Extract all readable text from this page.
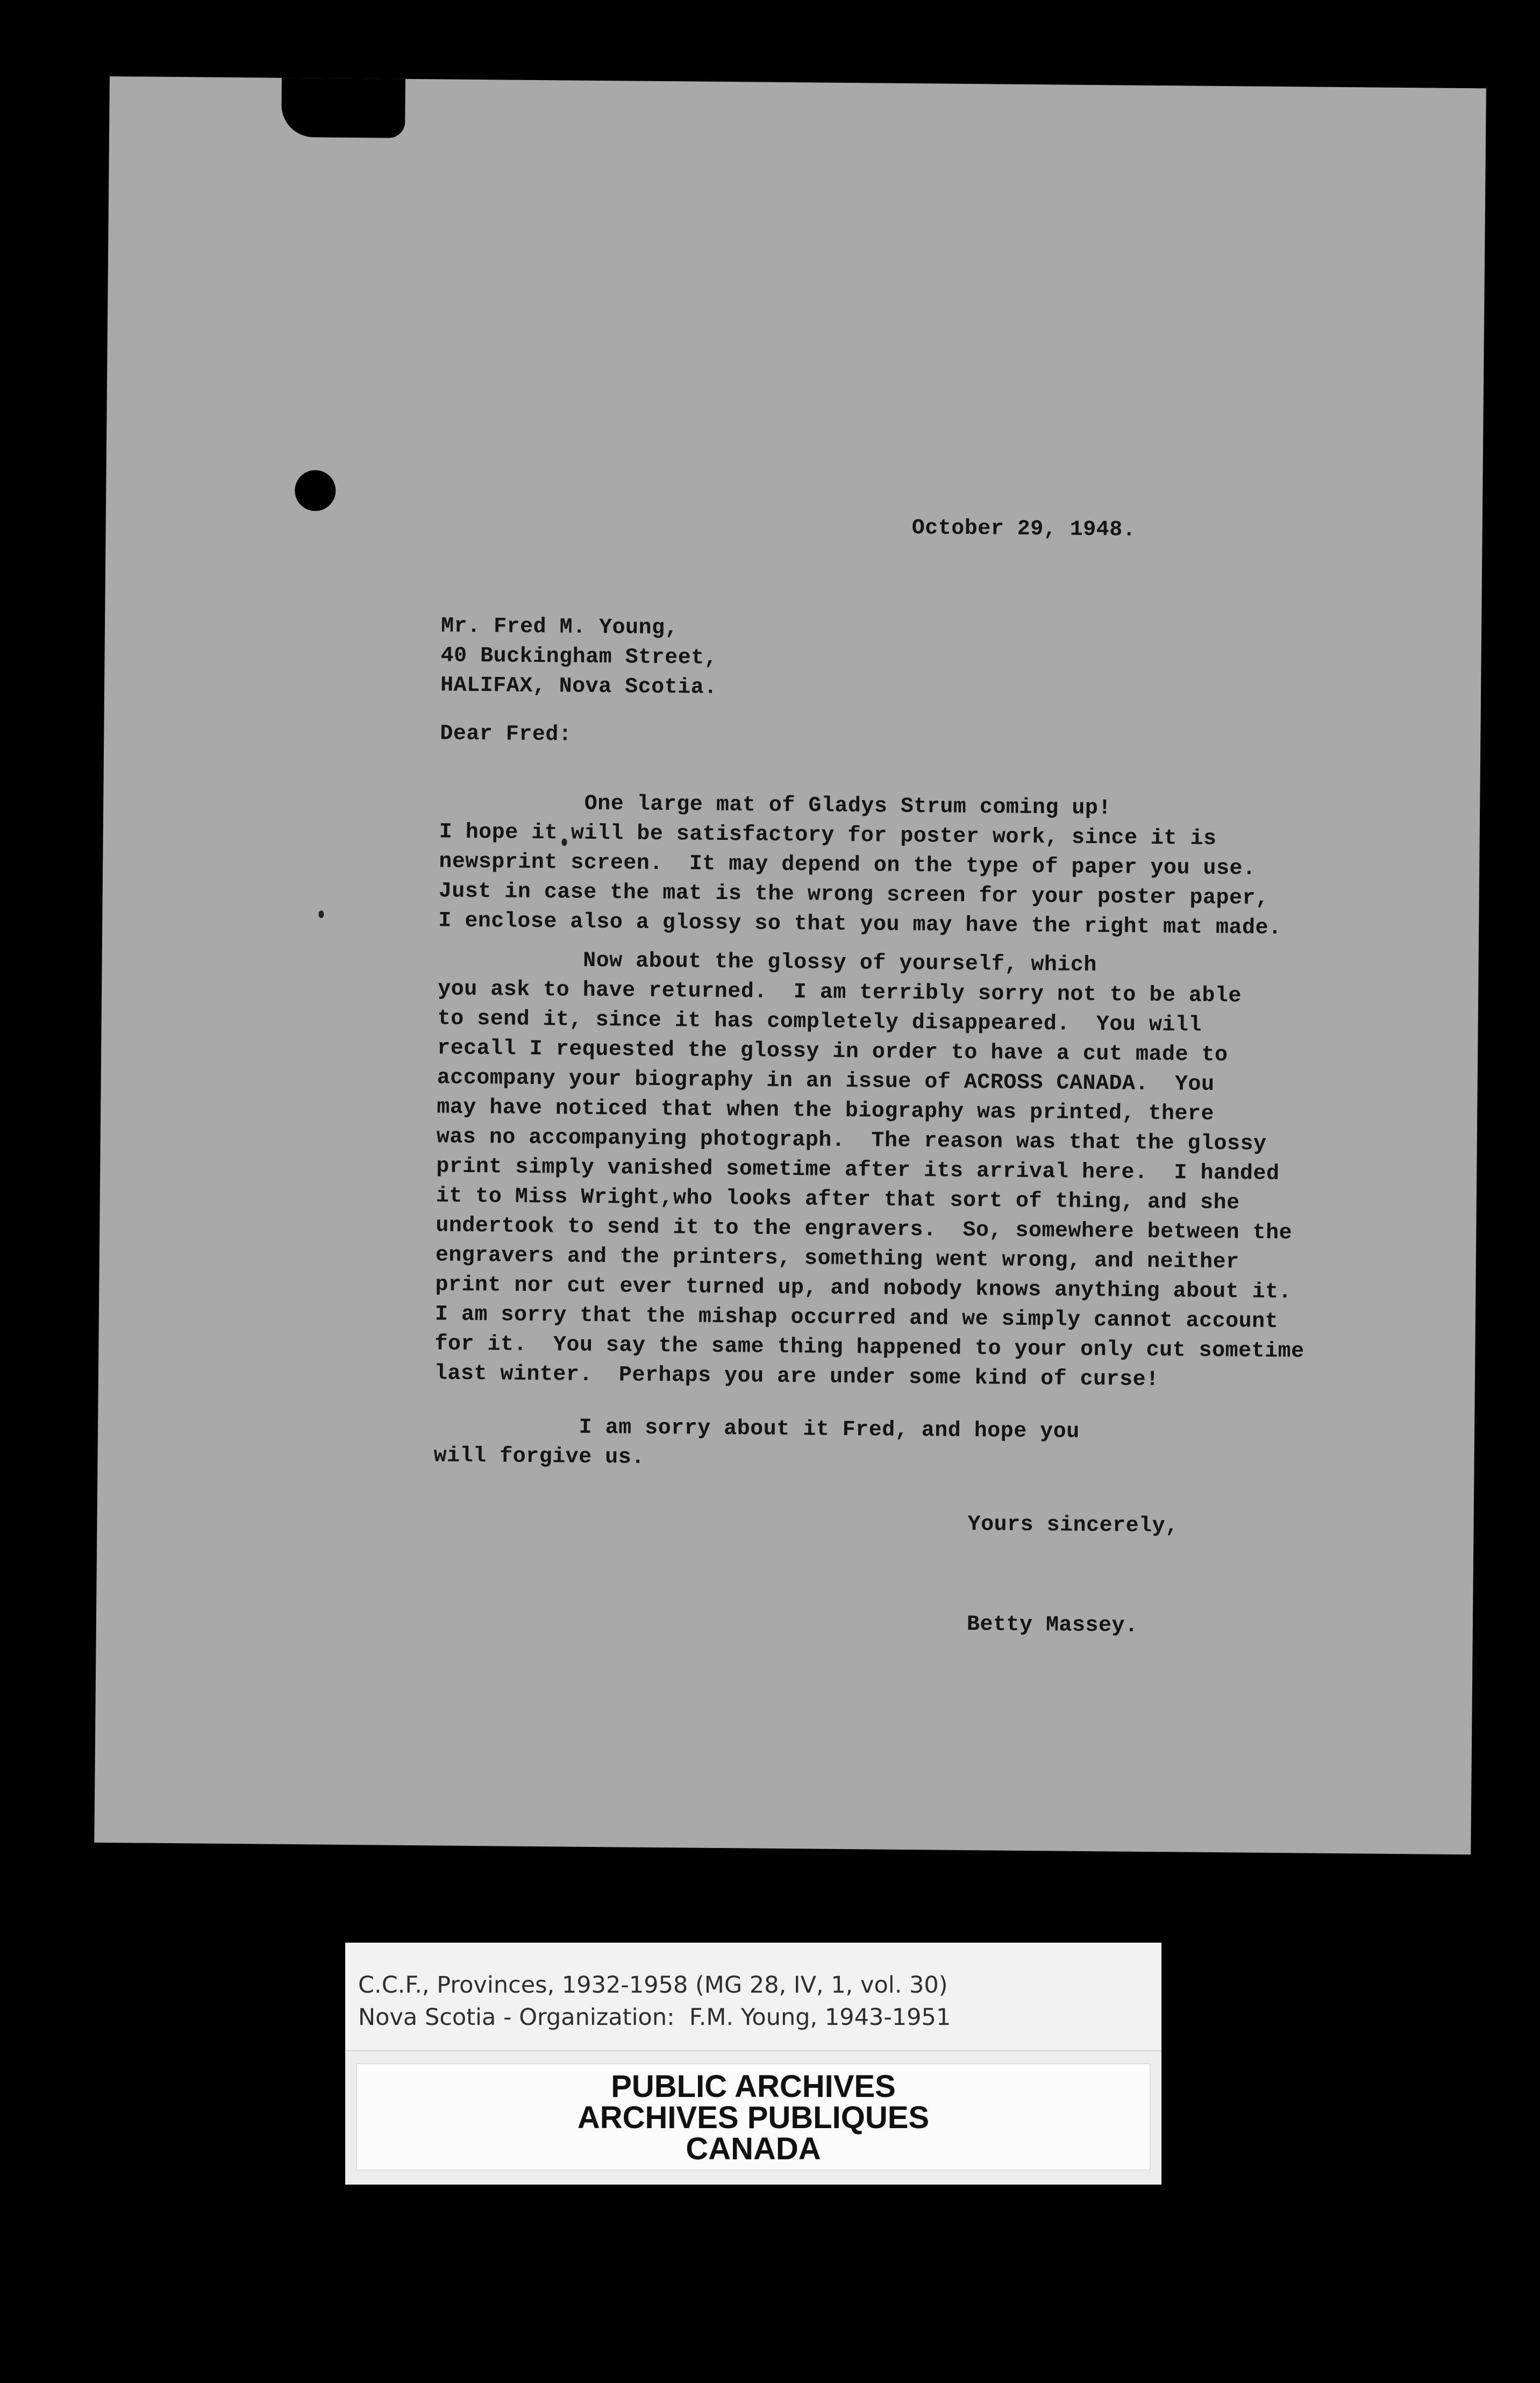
October 29, 1948.
Mr. Fred M. Young,
40 Buckingham Street,
HALIFAX, Nova Scotia.
Dear Fred:
One large mat of Gladys Strum coming up!
I hope it will be satisfactory for poster work, since it is
newsprint screen.  It may depend on the type of paper you use.
Just in case the mat is the wrong screen for your poster paper,
I enclose also a glossy so that you may have the right mat made.
Now about the glossy of yourself, which
you ask to have returned.  I am terribly sorry not to be able
to send it, since it has completely disappeared.  You will
recall I requested the glossy in order to have a cut made to
accompany your biography in an issue of ACROSS CANADA.  You
may have noticed that when the biography was printed, there
was no accompanying photograph.  The reason was that the glossy
print simply vanished sometime after its arrival here.  I handed
it to Miss Wright,who looks after that sort of thing, and she
undertook to send it to the engravers.  So, somewhere between the
engravers and the printers, something went wrong, and neither
print nor cut ever turned up, and nobody knows anything about it.
I am sorry that the mishap occurred and we simply cannot account
for it.  You say the same thing happened to your only cut sometime
last winter.  Perhaps you are under some kind of curse!
I am sorry about it Fred, and hope you
will forgive us.
Yours sincerely,
Betty Massey.
C.C.F., Provinces, 1932-1958 (MG 28, IV, 1, vol. 30)
Nova Scotia - Organization:  F.M. Young, 1943-1951
PUBLIC ARCHIVES
ARCHIVES PUBLIQUES
CANADA
